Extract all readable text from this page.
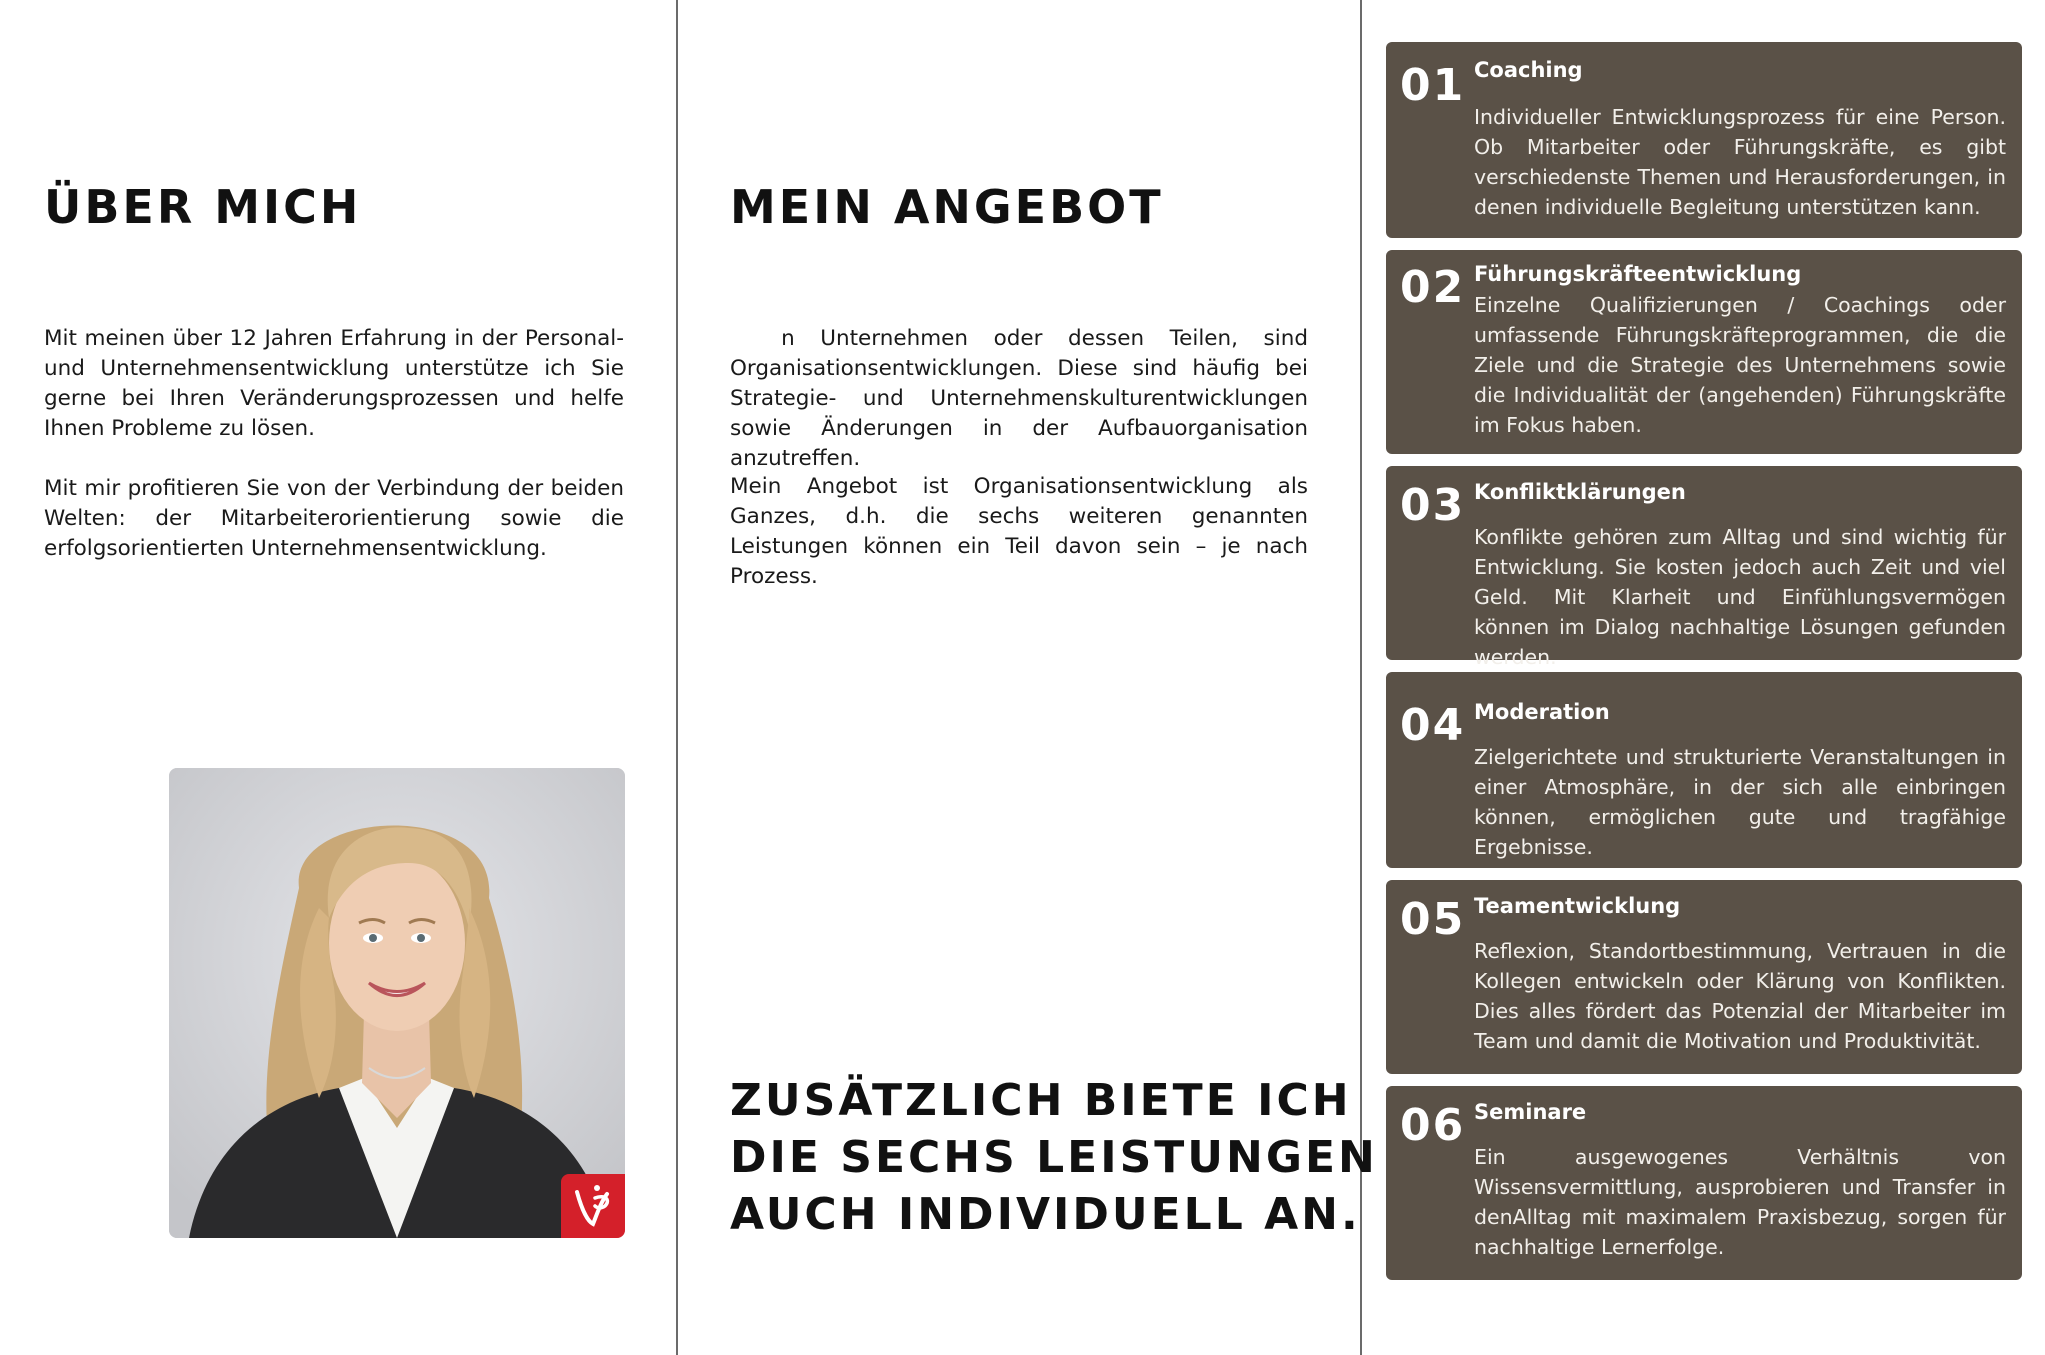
ÜBER MICH

Mit meinen über 12 Jahren Erfahrung in der Personal- und Unternehmensentwicklung unterstütze ich Sie gerne bei Ihren Veränderungsprozessen und helfe Ihnen Probleme zu lösen.

Mit mir profitieren Sie von der Verbindung der beiden Welten: der Mitarbeiterorientierung sowie die erfolgsorientierten Unternehmensentwicklung.

MEIN ANGEBOT

n Unternehmen oder dessen Teilen, sind Organisationsentwicklungen. Diese sind häufig bei Strategie- und Unternehmenskulturentwicklungen sowie Änderungen in der Aufbauorganisation anzutreffen.

Mein Angebot ist Organisationsentwicklung als Ganzes, d.h. die sechs weiteren genannten Leistungen können ein Teil davon sein – je nach Prozess.

ZUSÄTZLICH BIETE ICH
DIE SECHS LEISTUNGEN
AUCH INDIVIDUELL AN.
01 Coaching
Individueller Entwicklungsprozess für eine Person. Ob Mitarbeiter oder Führungskräfte, es gibt verschiedenste Themen und Herausforderungen, in denen individuelle Begleitung unterstützen kann.
02 Führungskräfteentwicklung
Einzelne Qualifizierungen / Coachings oder umfassende Führungskräfteprogrammen, die die Ziele und die Strategie des Unternehmens sowie die Individualität der (angehenden) Führungskräfte im Fokus haben.
03 Konfliktklärungen
Konflikte gehören zum Alltag und sind wichtig für Entwicklung. Sie kosten jedoch auch Zeit und viel Geld. Mit Klarheit und Einfühlungsvermögen können im Dialog nachhaltige Lösungen gefunden werden.
04 Moderation
Zielgerichtete und strukturierte Veranstaltungen in einer Atmosphäre, in der sich alle einbringen können, ermöglichen gute und tragfähige Ergebnisse.
05 Teamentwicklung
Reflexion, Standortbestimmung, Vertrauen in die Kollegen entwickeln oder Klärung von Konflikten. Dies alles fördert das Potenzial der Mitarbeiter im Team und damit die Motivation und Produktivität.
06 Seminare
Ein ausgewogenes Verhältnis von Wissensvermittlung, ausprobieren und Transfer in denAlltag mit maximalem Praxisbezug, sorgen für nachhaltige Lernerfolge.
